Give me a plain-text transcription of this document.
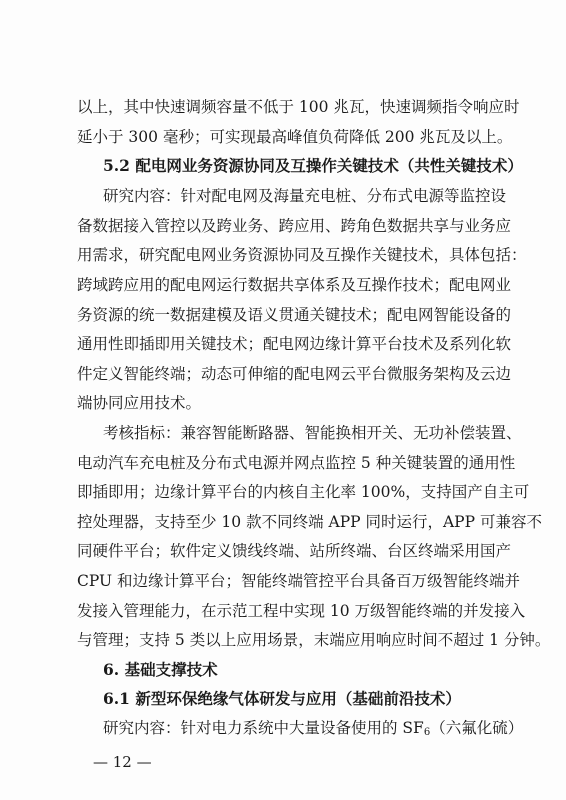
以上，其中快速调频容量不低于 100 兆瓦，快速调频指令响应时
延小于 300 毫秒；可实现最高峰值负荷降低 200 兆瓦及以上。
5.2 配电网业务资源协同及互操作关键技术（共性关键技术）
研究内容：针对配电网及海量充电桩、分布式电源等监控设
备数据接入管控以及跨业务、跨应用、跨角色数据共享与业务应
用需求，研究配电网业务资源协同及互操作关键技术，具体包括：
跨域跨应用的配电网运行数据共享体系及互操作技术；配电网业
务资源的统一数据建模及语义贯通关键技术；配电网智能设备的
通用性即插即用关键技术；配电网边缘计算平台技术及系列化软
件定义智能终端；动态可伸缩的配电网云平台微服务架构及云边
端协同应用技术。
考核指标：兼容智能断路器、智能换相开关、无功补偿装置、
电动汽车充电桩及分布式电源并网点监控 5 种关键装置的通用性
即插即用；边缘计算平台的内核自主化率 100%，支持国产自主可
控处理器，支持至少 10 款不同终端 APP 同时运行，APP 可兼容不
同硬件平台；软件定义馈线终端、站所终端、台区终端采用国产
CPU 和边缘计算平台；智能终端管控平台具备百万级智能终端并
发接入管理能力，在示范工程中实现 10 万级智能终端的并发接入
与管理；支持 5 类以上应用场景，末端应用响应时间不超过 1 分钟。
6. 基础支撑技术
6.1 新型环保绝缘气体研发与应用（基础前沿技术）
研究内容：针对电力系统中大量设备使用的 $SF_6$（六氟化硫）
— 12 —
